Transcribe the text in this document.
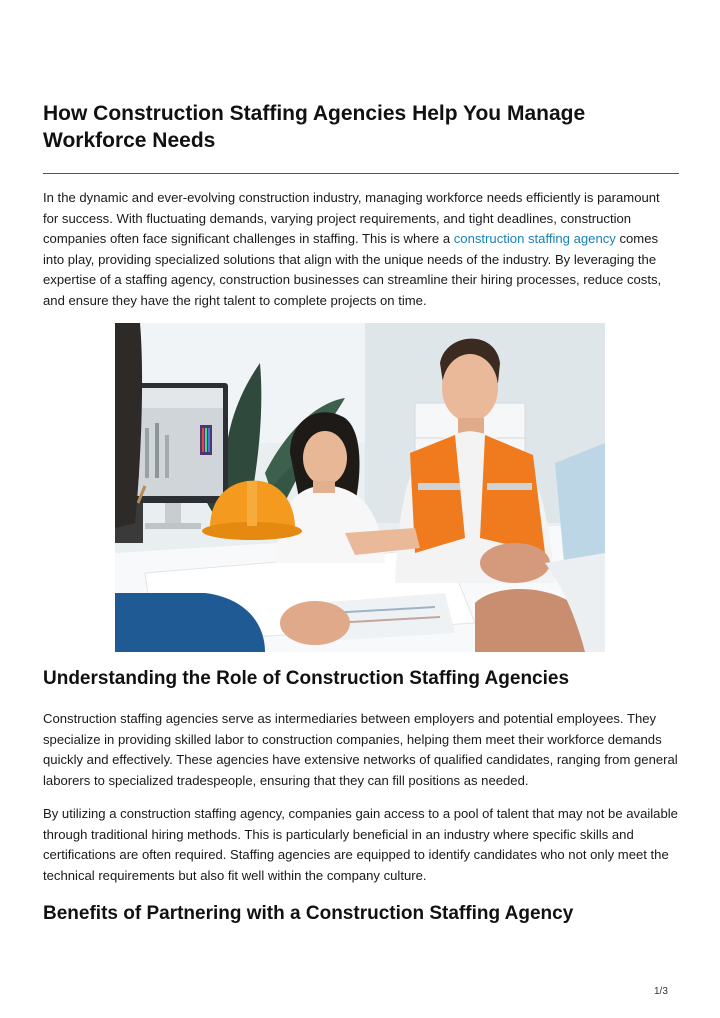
How Construction Staffing Agencies Help You Manage Workforce Needs

In the dynamic and ever-evolving construction industry, managing workforce needs efficiently is paramount for success. With fluctuating demands, varying project requirements, and tight deadlines, construction companies often face significant challenges in staffing. This is where a construction staffing agency comes into play, providing specialized solutions that align with the unique needs of the industry. By leveraging the expertise of a staffing agency, construction businesses can streamline their hiring processes, reduce costs, and ensure they have the right talent to complete projects on time.

Understanding the Role of Construction Staffing Agencies

Construction staffing agencies serve as intermediaries between employers and potential employees. They specialize in providing skilled labor to construction companies, helping them meet their workforce demands quickly and effectively. These agencies have extensive networks of qualified candidates, ranging from general laborers to specialized tradespeople, ensuring that they can fill positions as needed.

By utilizing a construction staffing agency, companies gain access to a pool of talent that may not be available through traditional hiring methods. This is particularly beneficial in an industry where specific skills and certifications are often required. Staffing agencies are equipped to identify candidates who not only meet the technical requirements but also fit well within the company culture.

Benefits of Partnering with a Construction Staffing Agency
1/3
